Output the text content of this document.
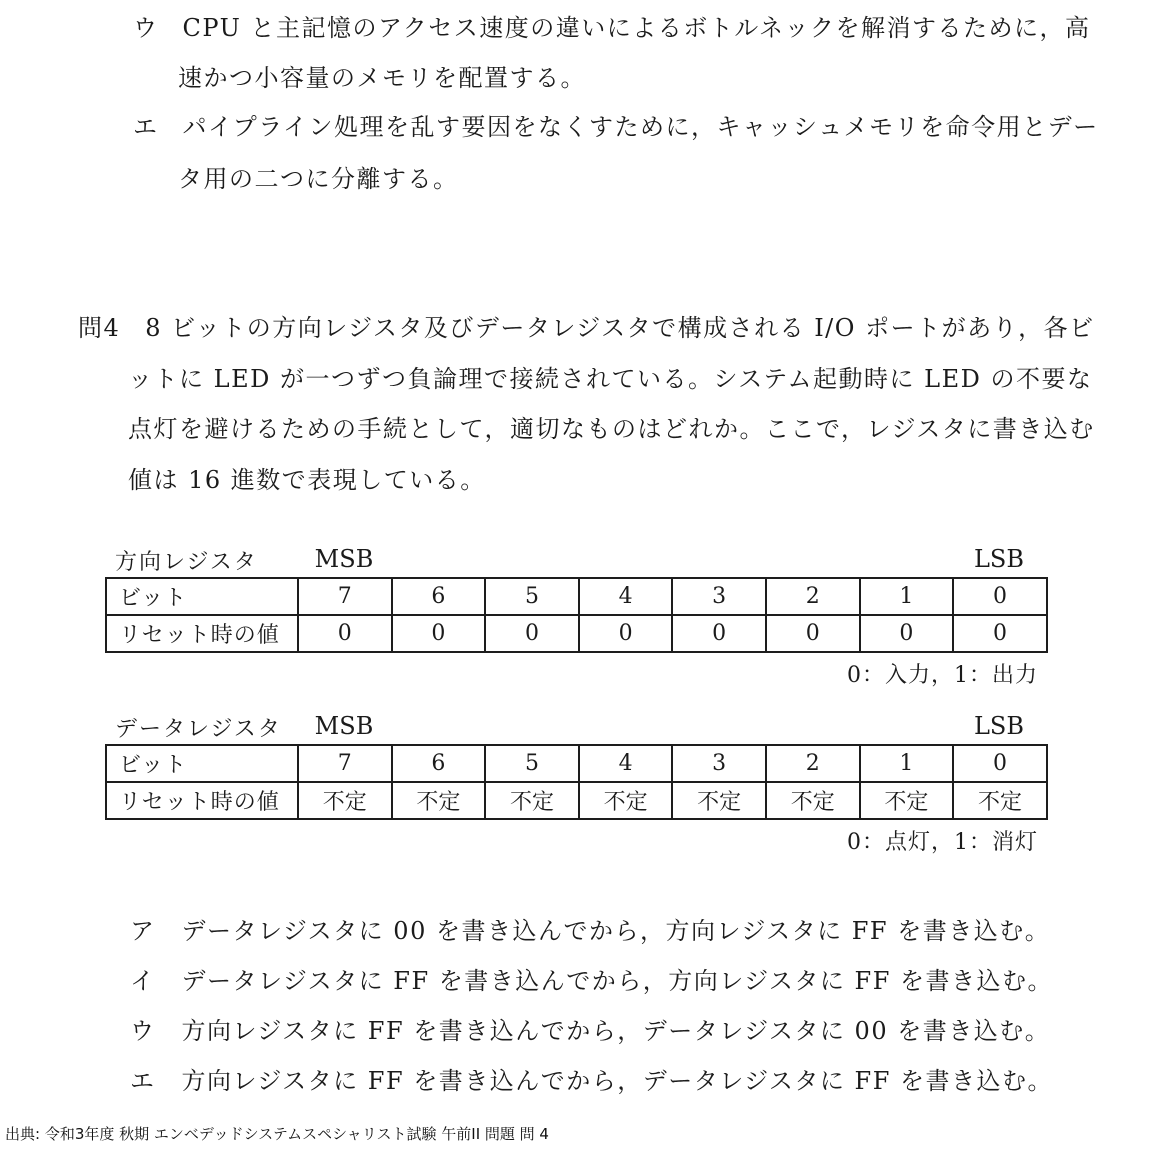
ウ CPU と主記憶のアクセス速度の違いによるボトルネックを解消するために，高
速かつ小容量のメモリを配置する。
エ パイプライン処理を乱す要因をなくすために，キャッシュメモリを命令用とデー
タ用の二つに分離する。
問4 8 ビットの方向レジスタ及びデータレジスタで構成される I/O ポートがあり，各ビ
ットに LED が一つずつ負論理で接続されている。システム起動時に LED の不要な
点灯を避けるための手続として，適切なものはどれか。ここで，レジスタに書き込む
値は 16 進数で表現している。
方向レジスタ	MSB	LSB
ビット	7	6	5	4	3	2	1	0
リセット時の値	0	0	0	0	0	0	0	0
0：入力，1：出力
データレジスタ	MSB	LSB
ビット	7	6	5	4	3	2	1	0
リセット時の値	不定	不定	不定	不定	不定	不定	不定	不定
0：点灯，1：消灯
ア データレジスタに 00 を書き込んでから，方向レジスタに FF を書き込む。
イ データレジスタに FF を書き込んでから，方向レジスタに FF を書き込む。
ウ 方向レジスタに FF を書き込んでから，データレジスタに 00 を書き込む。
エ 方向レジスタに FF を書き込んでから，データレジスタに FF を書き込む。
出典: 令和3年度 秋期 エンベデッドシステムスペシャリスト試験 午前II 問題 問 4
